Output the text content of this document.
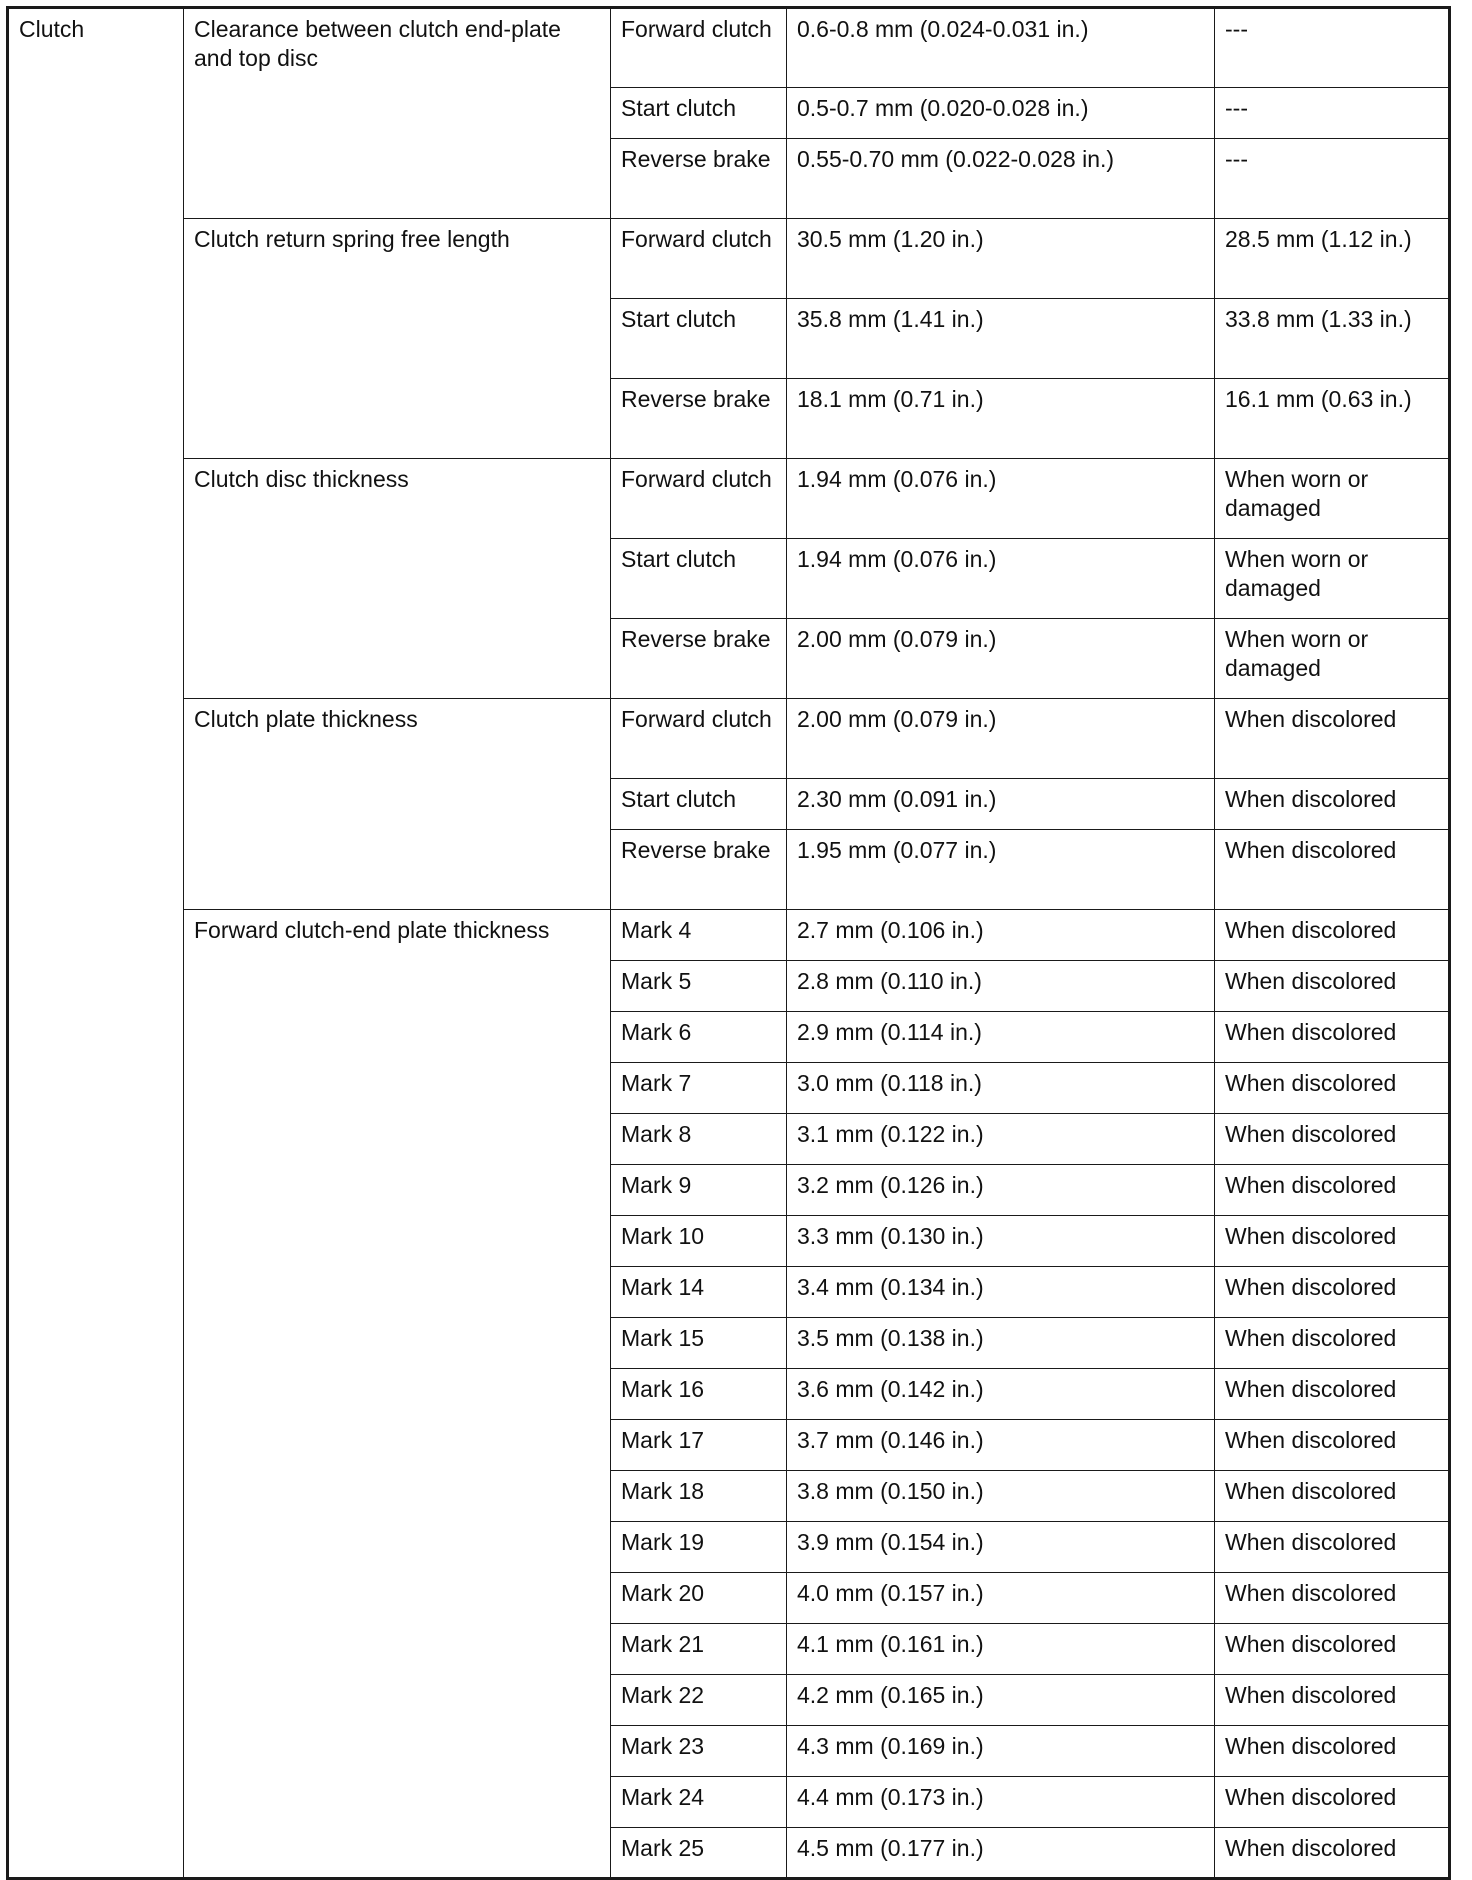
Clutch	Clearance between clutch end-plate and top disc	Forward clutch	0.6-0.8 mm (0.024-0.031 in.)	---
		Start clutch	0.5-0.7 mm (0.020-0.028 in.)	---
		Reverse brake	0.55-0.70 mm (0.022-0.028 in.)	---
	Clutch return spring free length	Forward clutch	30.5 mm (1.20 in.)	28.5 mm (1.12 in.)
		Start clutch	35.8 mm (1.41 in.)	33.8 mm (1.33 in.)
		Reverse brake	18.1 mm (0.71 in.)	16.1 mm (0.63 in.)
	Clutch disc thickness	Forward clutch	1.94 mm (0.076 in.)	When worn or damaged
		Start clutch	1.94 mm (0.076 in.)	When worn or damaged
		Reverse brake	2.00 mm (0.079 in.)	When worn or damaged
	Clutch plate thickness	Forward clutch	2.00 mm (0.079 in.)	When discolored
		Start clutch	2.30 mm (0.091 in.)	When discolored
		Reverse brake	1.95 mm (0.077 in.)	When discolored
	Forward clutch-end plate thickness	Mark 4	2.7 mm (0.106 in.)	When discolored
		Mark 5	2.8 mm (0.110 in.)	When discolored
		Mark 6	2.9 mm (0.114 in.)	When discolored
		Mark 7	3.0 mm (0.118 in.)	When discolored
		Mark 8	3.1 mm (0.122 in.)	When discolored
		Mark 9	3.2 mm (0.126 in.)	When discolored
		Mark 10	3.3 mm (0.130 in.)	When discolored
		Mark 14	3.4 mm (0.134 in.)	When discolored
		Mark 15	3.5 mm (0.138 in.)	When discolored
		Mark 16	3.6 mm (0.142 in.)	When discolored
		Mark 17	3.7 mm (0.146 in.)	When discolored
		Mark 18	3.8 mm (0.150 in.)	When discolored
		Mark 19	3.9 mm (0.154 in.)	When discolored
		Mark 20	4.0 mm (0.157 in.)	When discolored
		Mark 21	4.1 mm (0.161 in.)	When discolored
		Mark 22	4.2 mm (0.165 in.)	When discolored
		Mark 23	4.3 mm (0.169 in.)	When discolored
		Mark 24	4.4 mm (0.173 in.)	When discolored
		Mark 25	4.5 mm (0.177 in.)	When discolored
